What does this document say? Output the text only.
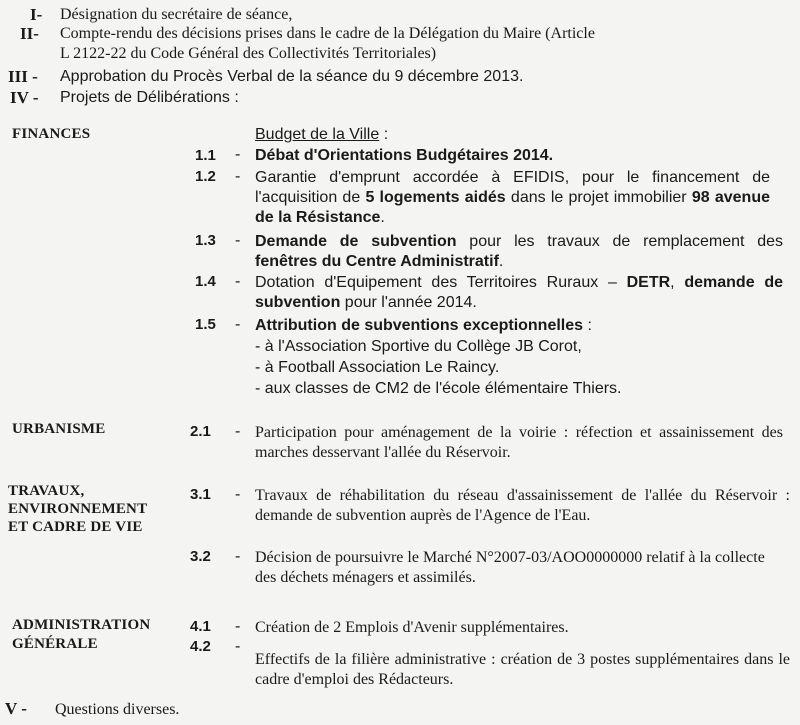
I- Désignation du secrétaire de séance,
II- Compte-rendu des décisions prises dans le cadre de la Délégation du Maire (Article
L 2122-22 du Code Général des Collectivités Territoriales)
III - Approbation du Procès Verbal de la séance du 9 décembre 2013.
IV - Projets de Délibérations :
FINANCES	Budget de la Ville :
1.1 - Débat d'Orientations Budgétaires 2014.
1.2 - Garantie d'emprunt accordée à EFIDIS, pour le financement de l'acquisition de 5 logements aidés dans le projet immobilier 98 avenue de la Résistance.
1.3 - Demande de subvention pour les travaux de remplacement des fenêtres du Centre Administratif.
1.4 - Dotation d'Equipement des Territoires Ruraux – DETR, demande de subvention pour l'année 2014.
1.5 - Attribution de subventions exceptionnelles :
- à l'Association Sportive du Collège JB Corot,
- à Football Association Le Raincy.
- aux classes de CM2 de l'école élémentaire Thiers.
URBANISME	2.1 - Participation pour aménagement de la voirie : réfection et assainissement des marches desservant l'allée du Réservoir.
TRAVAUX,
ENVIRONNEMENT
ET CADRE DE VIE
3.1 - Travaux de réhabilitation du réseau d'assainissement de l'allée du Réservoir : demande de subvention auprès de l'Agence de l'Eau.
3.2 - Décision de poursuivre le Marché N°2007-03/AOO0000000 relatif à la collecte des déchets ménagers et assimilés.
ADMINISTRATION
GÉNÉRALE
4.1 - Création de 2 Emplois d'Avenir supplémentaires.
4.2 -
Effectifs de la filière administrative : création de 3 postes supplémentaires dans le cadre d'emploi des Rédacteurs.
V - Questions diverses.
